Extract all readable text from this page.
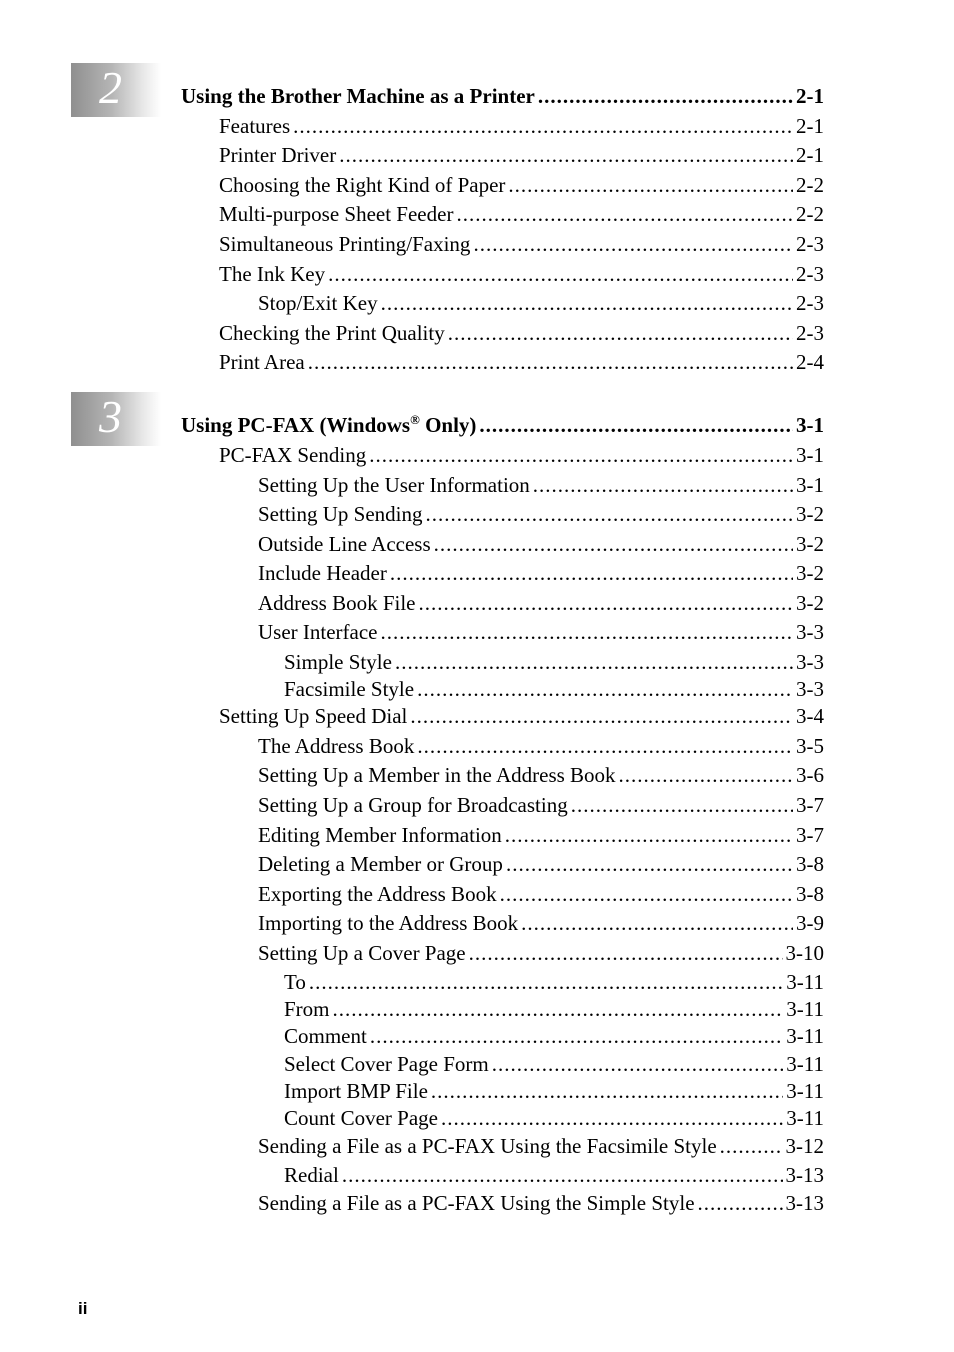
2
3
Using the Brother Machine as a Printer .....	2-1
Features .....	2-1
Printer Driver .....	2-1
Choosing the Right Kind of Paper .....	2-2
Multi-purpose Sheet Feeder .....	2-2
Simultaneous Printing/Faxing .....	2-3
The Ink Key .....	2-3
Stop/Exit Key .....	2-3
Checking the Print Quality .....	2-3
Print Area .....	2-4
Using PC-FAX (Windows® Only) .....	3-1
PC-FAX Sending .....	3-1
Setting Up the User Information .....	3-1
Setting Up Sending .....	3-2
Outside Line Access .....	3-2
Include Header .....	3-2
Address Book File .....	3-2
User Interface .....	3-3
Simple Style .....	3-3
Facsimile Style .....	3-3
Setting Up Speed Dial .....	3-4
The Address Book .....	3-5
Setting Up a Member in the Address Book .....	3-6
Setting Up a Group for Broadcasting .....	3-7
Editing Member Information .....	3-7
Deleting a Member or Group .....	3-8
Exporting the Address Book .....	3-8
Importing to the Address Book .....	3-9
Setting Up a Cover Page .....	3-10
To .....	3-11
From .....	3-11
Comment .....	3-11
Select Cover Page Form .....	3-11
Import BMP File .....	3-11
Count Cover Page .....	3-11
Sending a File as a PC-FAX Using the Facsimile Style .....	3-12
Redial .....	3-13
Sending a File as a PC-FAX Using the Simple Style .....	3-13
ii
